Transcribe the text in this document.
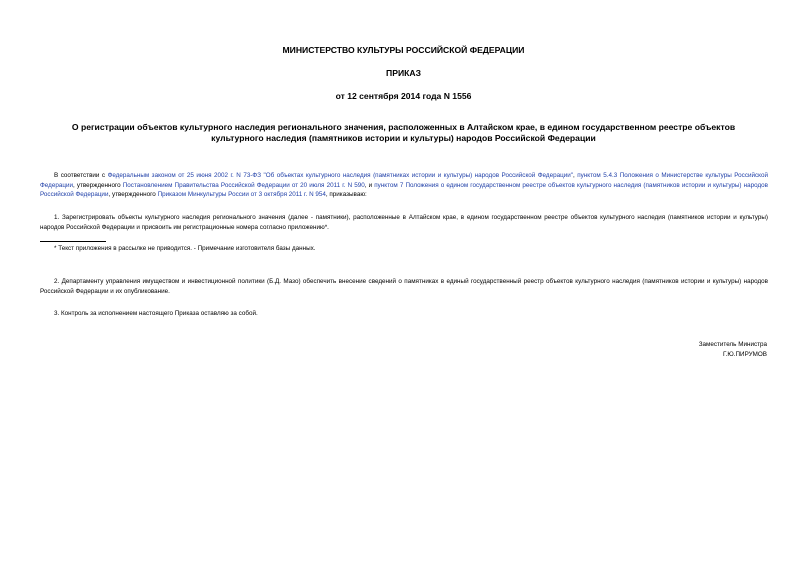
МИНИСТЕРСТВО КУЛЬТУРЫ РОССИЙСКОЙ ФЕДЕРАЦИИ
ПРИКАЗ
от 12 сентября 2014 года N 1556
О регистрации объектов культурного наследия регионального значения, расположенных в Алтайском крае, в едином государственном реестре объектов
культурного наследия (памятников истории и культуры) народов Российской Федерации
В соответствии с Федеральным законом от 25 июня 2002 г. N 73-ФЗ "Об объектах культурного наследия (памятниках истории и культуры) народов Российской Федерации", пунктом 5.4.3 Положения о Министерстве культуры Российской Федерации, утвержденного Постановлением Правительства Российской Федерации от 20 июля 2011 г. N 590, и пунктом 7 Положения о едином государственном реестре объектов культурного наследия (памятников истории и культуры) народов Российской Федерации, утвержденного Приказом Минкультуры России от 3 октября 2011 г. N 954, приказываю:
1. Зарегистрировать объекты культурного наследия регионального значения (далее - памятники), расположенные в Алтайском крае, в едином государственном реестре объектов культурного наследия (памятников истории и культуры) народов Российской Федерации и присвоить им регистрационные номера согласно приложению*.
* Текст приложения в рассылке не приводится. - Примечание изготовителя базы данных.
2. Департаменту управления имуществом и инвестиционной политики (Б.Д. Мазо) обеспечить внесение сведений о памятниках в единый государственный реестр объектов культурного наследия (памятников истории и культуры) народов Российской Федерации и их опубликование.
3. Контроль за исполнением настоящего Приказа оставляю за собой.
Заместитель Министра
Г.Ю.ПИРУМОВ
